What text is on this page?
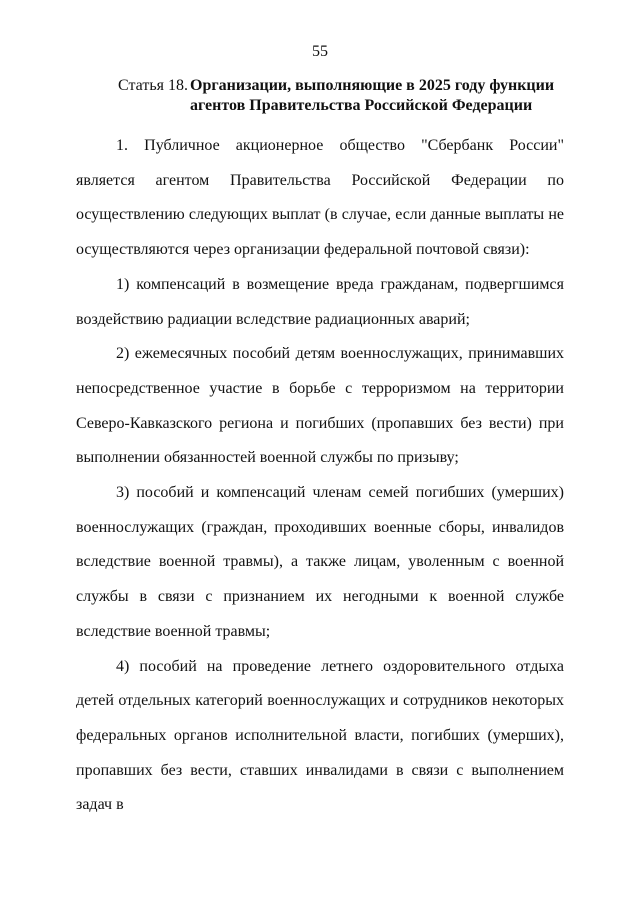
55
Статья 18. Организации, выполняющие в 2025 году функции агентов Правительства Российской Федерации

1. Публичное акционерное общество "Сбербанк России" является агентом Правительства Российской Федерации по осуществлению следующих выплат (в случае, если данные выплаты не осуществляются через организации федеральной почтовой связи):

1) компенсаций в возмещение вреда гражданам, подвергшимся воздействию радиации вследствие радиационных аварий;

2) ежемесячных пособий детям военнослужащих, принимавших непосредственное участие в борьбе с терроризмом на территории Северо-Кавказского региона и погибших (пропавших без вести) при выполнении обязанностей военной службы по призыву;

3) пособий и компенсаций членам семей погибших (умерших) военнослужащих (граждан, проходивших военные сборы, инвалидов вследствие военной травмы), а также лицам, уволенным с военной службы в связи с признанием их негодными к военной службе вследствие военной травмы;

4) пособий на проведение летнего оздоровительного отдыха детей отдельных категорий военнослужащих и сотрудников некоторых федеральных органов исполнительной власти, погибших (умерших), пропавших без вести, ставших инвалидами в связи с выполнением задач в
